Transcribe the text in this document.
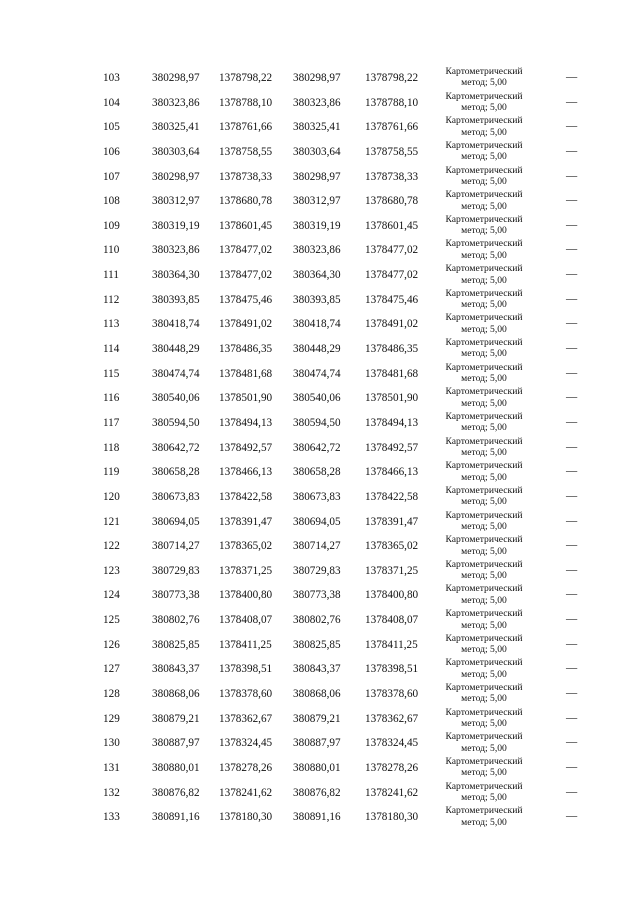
103	380298,97 1378798,22 380298,97 1378798,22
Картометрический
метод; 5,00	—
104	380323,86 1378788,10 380323,86 1378788,10
Картометрический
метод; 5,00	—
105	380325,41 1378761,66 380325,41 1378761,66
Картометрический
метод; 5,00	—
106	380303,64 1378758,55 380303,64 1378758,55
Картометрический
метод; 5,00	—
107	380298,97 1378738,33 380298,97 1378738,33
Картометрический
метод; 5,00	—
108	380312,97 1378680,78 380312,97 1378680,78
Картометрический
метод; 5,00	—
109	380319,19 1378601,45 380319,19 1378601,45
Картометрический
метод; 5,00	—
110	380323,86 1378477,02 380323,86 1378477,02
Картометрический
метод; 5,00	—
111	380364,30 1378477,02 380364,30 1378477,02
Картометрический
метод; 5,00	—
112	380393,85 1378475,46 380393,85 1378475,46
Картометрический
метод; 5,00	—
113	380418,74 1378491,02 380418,74 1378491,02
Картометрический
метод; 5,00	—
114	380448,29 1378486,35 380448,29 1378486,35
Картометрический
метод; 5,00	—
115	380474,74 1378481,68 380474,74 1378481,68
Картометрический
метод; 5,00	—
116	380540,06 1378501,90 380540,06 1378501,90
Картометрический
метод; 5,00	—
117	380594,50 1378494,13 380594,50 1378494,13
Картометрический
метод; 5,00	—
118	380642,72 1378492,57 380642,72 1378492,57
Картометрический
метод; 5,00	—
119	380658,28 1378466,13 380658,28 1378466,13
Картометрический
метод; 5,00	—
120	380673,83 1378422,58 380673,83 1378422,58
Картометрический
метод; 5,00	—
121	380694,05 1378391,47 380694,05 1378391,47
Картометрический
метод; 5,00	—
122	380714,27 1378365,02 380714,27 1378365,02
Картометрический
метод; 5,00	—
123	380729,83 1378371,25 380729,83 1378371,25
Картометрический
метод; 5,00	—
124	380773,38 1378400,80 380773,38 1378400,80
Картометрический
метод; 5,00	—
125	380802,76 1378408,07 380802,76 1378408,07
Картометрический
метод; 5,00	—
126	380825,85 1378411,25 380825,85 1378411,25
Картометрический
метод; 5,00	—
127	380843,37 1378398,51 380843,37 1378398,51
Картометрический
метод; 5,00	—
128	380868,06 1378378,60 380868,06 1378378,60
Картометрический
метод; 5,00	—
129	380879,21 1378362,67 380879,21 1378362,67
Картометрический
метод; 5,00	—
130	380887,97 1378324,45 380887,97 1378324,45
Картометрический
метод; 5,00	—
131	380880,01 1378278,26 380880,01 1378278,26
Картометрический
метод; 5,00	—
132	380876,82 1378241,62 380876,82 1378241,62
Картометрический
метод; 5,00	—
133	380891,16 1378180,30 380891,16 1378180,30
Картометрический
метод; 5,00	—
